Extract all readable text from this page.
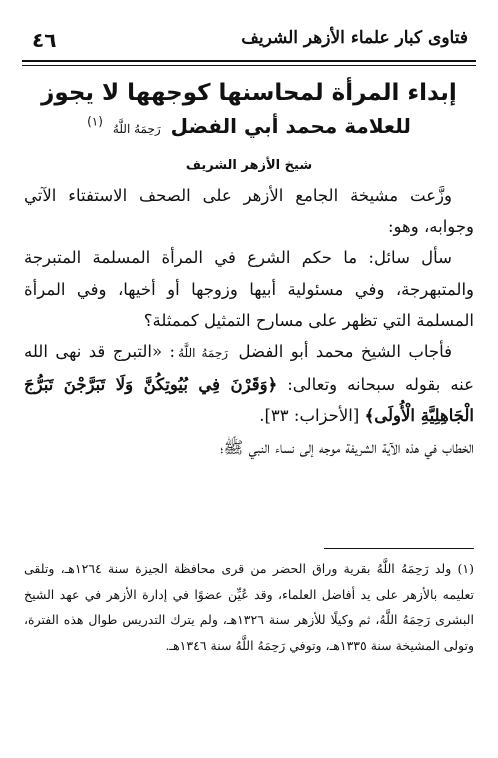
فتاوى كبار علماء الأزهر الشريف
٤٦
إبداء المرأة لمحاسنها كوجهها لا يجوز
للعلامة محمد أبي الفضل رَحِمَهُ اللَّهُ $^{(١)}$
شيخ الأزهر الشريف

وزَّعت مشيخة الجامع الأزهر على الصحف الاستفتاء الآتي وجوابه، وهو:

سأل سائل: ما حكم الشرع في المرأة المسلمة المتبرجة والمتبهرجة، وفي مسئولية أبيها وزوجها أو أخيها، وفي المرأة المسلمة التي تظهر على مسارح التمثيل كممثلة؟

فأجاب الشيخ محمد أبو الفضل رَحِمَهُ اللَّهُ: «التبرج قد نهى الله عنه بقوله سبحانه وتعالى: ﴿وَقَرْنَ فِي بُيُوتِكُنَّ وَلَا تَبَرَّجْنَ تَبَرُّجَ الْجَاهِلِيَّةِ الْأُولَى﴾ [الأحزاب: ٣٣].

الخطاب في هذه الآية الشريفة موجه إلى نساء النبي ﷺ؛

(١) ولد رَحِمَهُ اللَّهُ بقرية وراق الحضر من قرى محافظة الجيزة سنة ١٢٦٤هـ، وتلقى تعليمه بالأزهر على يد أفاضل العلماء، وقد عُيِّن عضوًا في إدارة الأزهر في عهد الشيخ البشرى رَحِمَهُ اللَّهُ، ثم وكيلًا للأزهر سنة ١٣٢٦هـ، ولم يترك التدريس طوال هذه الفترة، وتولى المشيخة سنة ١٣٣٥هـ، وتوفي رَحِمَهُ اللَّهُ سنة ١٣٤٦هـ.
